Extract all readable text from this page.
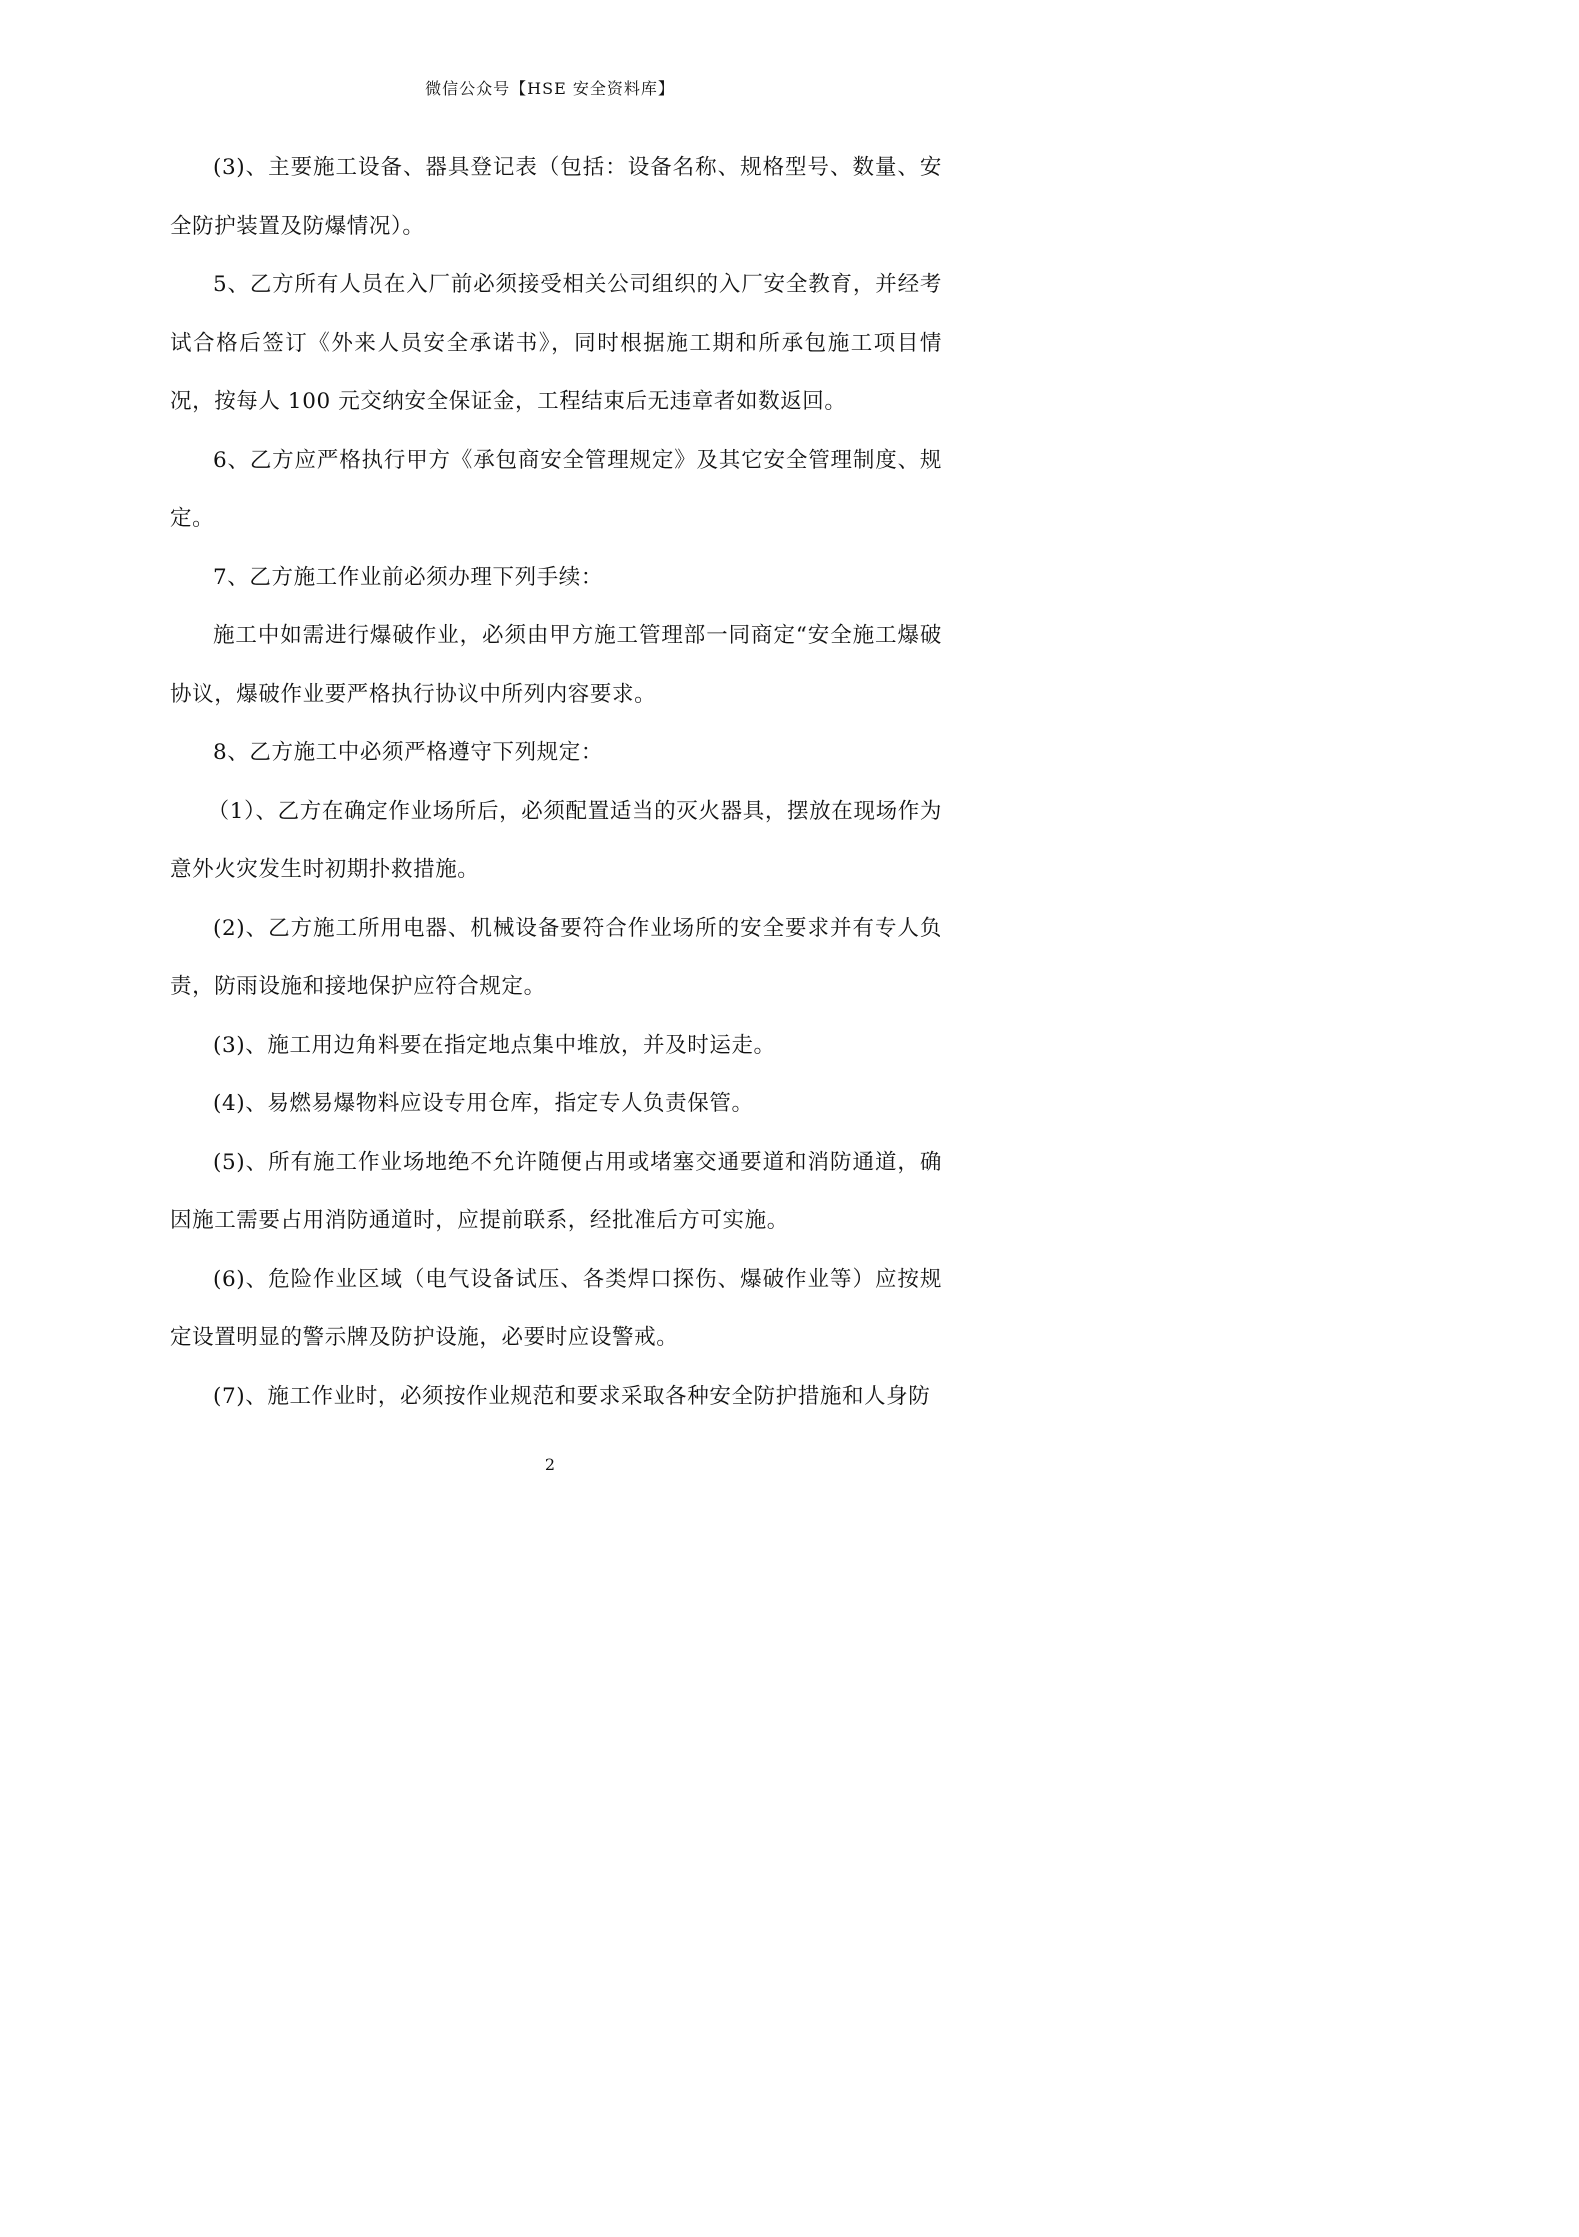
微信公众号【HSE 安全资料库】

(3)、主要施工设备、器具登记表（包括：设备名称、规格型号、数量、安全防护装置及防爆情况）。

5、乙方所有人员在入厂前必须接受相关公司组织的入厂安全教育，并经考试合格后签订《外来人员安全承诺书》，同时根据施工期和所承包施工项目情况，按每人 100 元交纳安全保证金，工程结束后无违章者如数返回。

6、乙方应严格执行甲方《承包商安全管理规定》及其它安全管理制度、规定。

7、乙方施工作业前必须办理下列手续：

施工中如需进行爆破作业，必须由甲方施工管理部一同商定“安全施工爆破协议，爆破作业要严格执行协议中所列内容要求。

8、乙方施工中必须严格遵守下列规定：

（1）、乙方在确定作业场所后，必须配置适当的灭火器具，摆放在现场作为意外火灾发生时初期扑救措施。

(2)、乙方施工所用电器、机械设备要符合作业场所的安全要求并有专人负责，防雨设施和接地保护应符合规定。

(3)、施工用边角料要在指定地点集中堆放，并及时运走。

(4)、易燃易爆物料应设专用仓库，指定专人负责保管。

(5)、所有施工作业场地绝不允许随便占用或堵塞交通要道和消防通道，确因施工需要占用消防通道时，应提前联系，经批准后方可实施。

(6)、危险作业区域（电气设备试压、各类焊口探伤、爆破作业等）应按规定设置明显的警示牌及防护设施，必要时应设警戒。

(7)、施工作业时，必须按作业规范和要求采取各种安全防护措施和人身防

2
